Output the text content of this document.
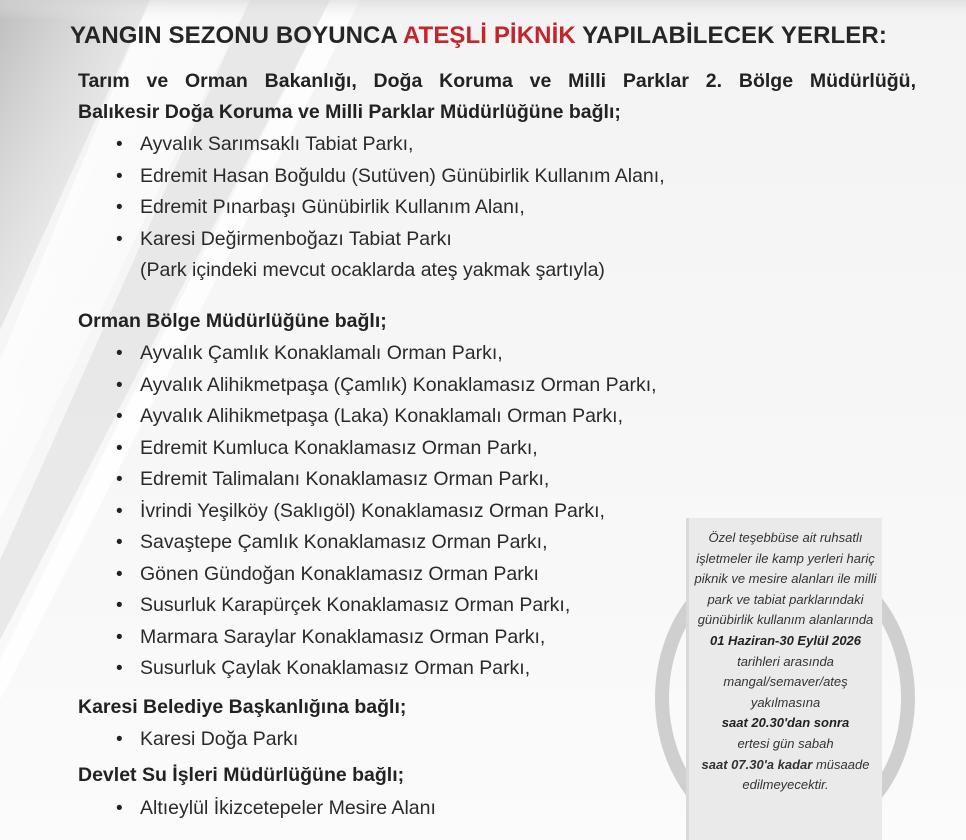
YANGIN SEZONU BOYUNCA ATEŞLİ PİKNİK YAPILABİLECEK YERLER:
Tarım ve Orman Bakanlığı, Doğa Koruma ve Milli Parklar 2. Bölge Müdürlüğü,
Balıkesir Doğa Koruma ve Milli Parklar Müdürlüğüne bağlı;
• Ayvalık Sarımsaklı Tabiat Parkı,
• Edremit Hasan Boğuldu (Sutüven) Günübirlik Kullanım Alanı,
• Edremit Pınarbaşı Günübirlik Kullanım Alanı,
• Karesi Değirmenboğazı Tabiat Parkı
(Park içindeki mevcut ocaklarda ateş yakmak şartıyla)
Orman Bölge Müdürlüğüne bağlı;
• Ayvalık Çamlık Konaklamalı Orman Parkı,
• Ayvalık Alihikmetpaşa (Çamlık) Konaklamasız Orman Parkı,
• Ayvalık Alihikmetpaşa (Laka) Konaklamalı Orman Parkı,
• Edremit Kumluca Konaklamasız Orman Parkı,
• Edremit Talimalanı Konaklamasız Orman Parkı,
• İvrindi Yeşilköy (Saklıgöl) Konaklamasız Orman Parkı,
• Savaştepe Çamlık Konaklamasız Orman Parkı,
• Gönen Gündoğan Konaklamasız Orman Parkı
• Susurluk Karapürçek Konaklamasız Orman Parkı,
• Marmara Saraylar Konaklamasız Orman Parkı,
• Susurluk Çaylak Konaklamasız Orman Parkı,
Karesi Belediye Başkanlığına bağlı;
• Karesi Doğa Parkı
Devlet Su İşleri Müdürlüğüne bağlı;
• Altıeylül İkizcetepeler Mesire Alanı

Özel teşebbüse ait ruhsatlı

işletmeler ile kamp yerleri hariç

piknik ve mesire alanları ile milli

park ve tabiat parklarındaki

günübirlik kullanım alanlarında

01 Haziran-30 Eylül 2026

tarihleri arasında

mangal/semaver/ateş

yakılmasına

saat 20.30'dan sonra

ertesi gün sabah

saat 07.30'a kadar müsaade

edilmeyecektir.
